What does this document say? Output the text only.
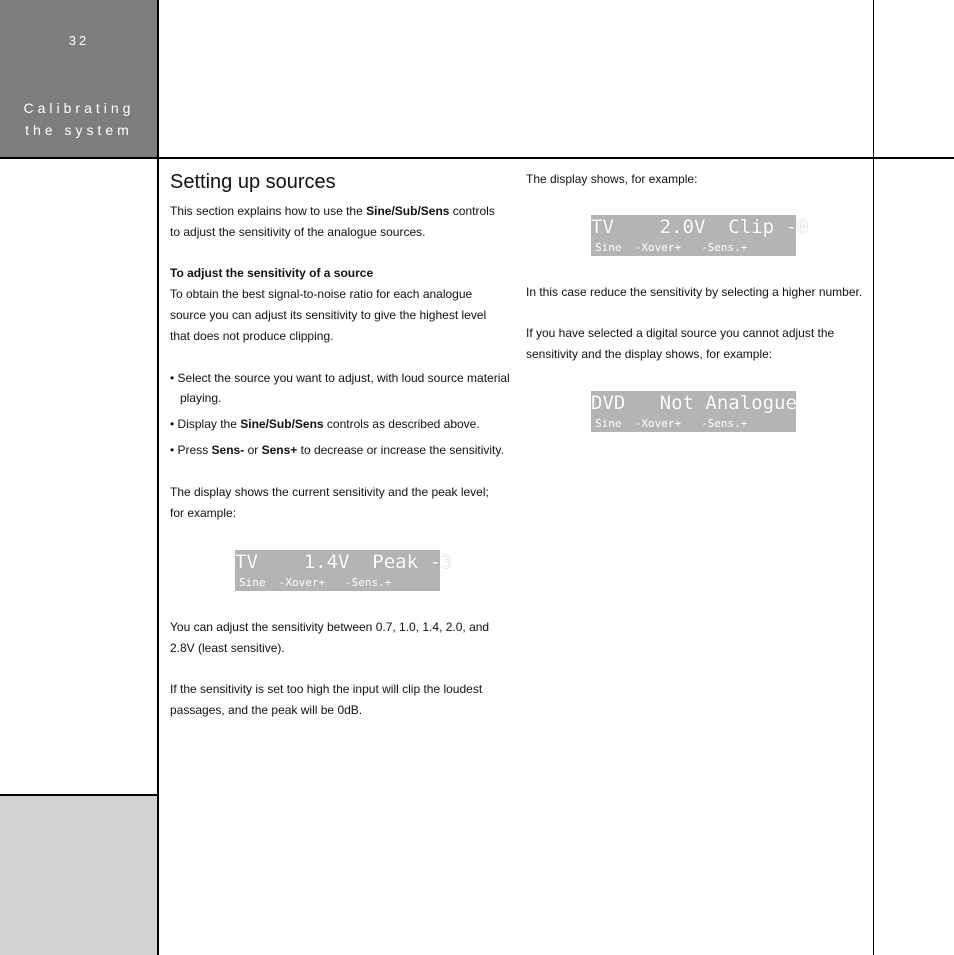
32
Calibrating
the system
Setting up sources
This section explains how to use the Sine/Sub/Sens controls to adjust the sensitivity of the analogue sources.
To adjust the sensitivity of a source
To obtain the best signal-to-noise ratio for each analogue source you can adjust its sensitivity to give the highest level that does not produce clipping.
• Select the source you want to adjust, with loud source material playing.
• Display the Sine/Sub/Sens controls as described above.
• Press Sens- or Sens+ to decrease or increase the sensitivity.
The display shows the current sensitivity and the peak level; for example:
TV    1.4V  Peak -3
Sine  -Xover+   -Sens.+
You can adjust the sensitivity between 0.7, 1.0, 1.4, 2.0, and 2.8V (least sensitive).
If the sensitivity is set too high the input will clip the loudest passages, and the peak will be 0dB.
The display shows, for example:
TV    2.0V  Clip -0
Sine  -Xover+   -Sens.+
In this case reduce the sensitivity by selecting a higher number.
If you have selected a digital source you cannot adjust the sensitivity and the display shows, for example:
DVD   Not Analogue
Sine  -Xover+   -Sens.+
